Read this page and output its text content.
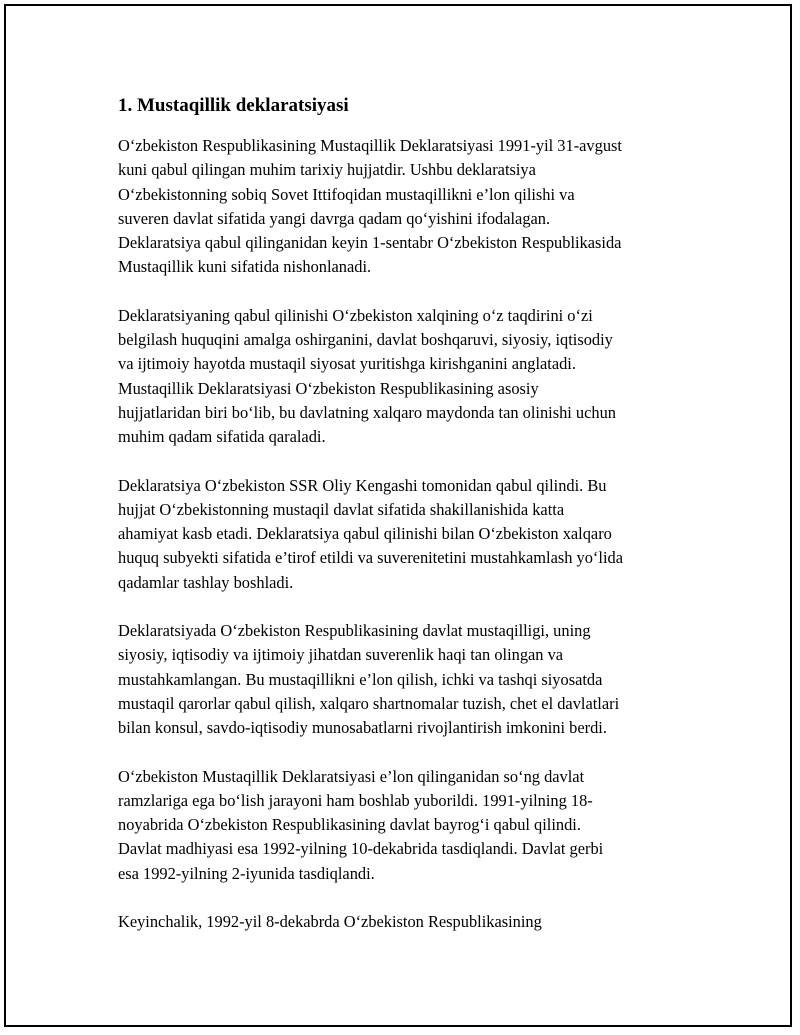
1. Mustaqillik deklaratsiyasi

O‘zbekiston Respublikasining Mustaqillik Deklaratsiyasi 1991-yil 31-avgust
kuni qabul qilingan muhim tarixiy hujjatdir. Ushbu deklaratsiya
O‘zbekistonning sobiq Sovet Ittifoqidan mustaqillikni e’lon qilishi va
suveren davlat sifatida yangi davrga qadam qo‘yishini ifodalagan.
Deklaratsiya qabul qilinganidan keyin 1-sentabr O‘zbekiston Respublikasida
Mustaqillik kuni sifatida nishonlanadi.

Deklaratsiyaning qabul qilinishi O‘zbekiston xalqining o‘z taqdirini o‘zi
belgilash huquqini amalga oshirganini, davlat boshqaruvi, siyosiy, iqtisodiy
va ijtimoiy hayotda mustaqil siyosat yuritishga kirishganini anglatadi.
Mustaqillik Deklaratsiyasi O‘zbekiston Respublikasining asosiy
hujjatlaridan biri bo‘lib, bu davlatning xalqaro maydonda tan olinishi uchun
muhim qadam sifatida qaraladi.

Deklaratsiya O‘zbekiston SSR Oliy Kengashi tomonidan qabul qilindi. Bu
hujjat O‘zbekistonning mustaqil davlat sifatida shakillanishida katta
ahamiyat kasb etadi. Deklaratsiya qabul qilinishi bilan O‘zbekiston xalqaro
huquq subyekti sifatida e’tirof etildi va suverenitetini mustahkamlash yo‘lida
qadamlar tashlay boshladi.

Deklaratsiyada O‘zbekiston Respublikasining davlat mustaqilligi, uning
siyosiy, iqtisodiy va ijtimoiy jihatdan suverenlik haqi tan olingan va
mustahkamlangan. Bu mustaqillikni e’lon qilish, ichki va tashqi siyosatda
mustaqil qarorlar qabul qilish, xalqaro shartnomalar tuzish, chet el davlatlari
bilan konsul, savdo-iqtisodiy munosabatlarni rivojlantirish imkonini berdi.

O‘zbekiston Mustaqillik Deklaratsiyasi e’lon qilinganidan so‘ng davlat
ramzlariga ega bo‘lish jarayoni ham boshlab yuborildi. 1991-yilning 18-
noyabrida O‘zbekiston Respublikasining davlat bayrog‘i qabul qilindi.
Davlat madhiyasi esa 1992-yilning 10-dekabrida tasdiqlandi. Davlat gerbi
esa 1992-yilning 2-iyunida tasdiqlandi.

Keyinchalik, 1992-yil 8-dekabrda O‘zbekiston Respublikasining
